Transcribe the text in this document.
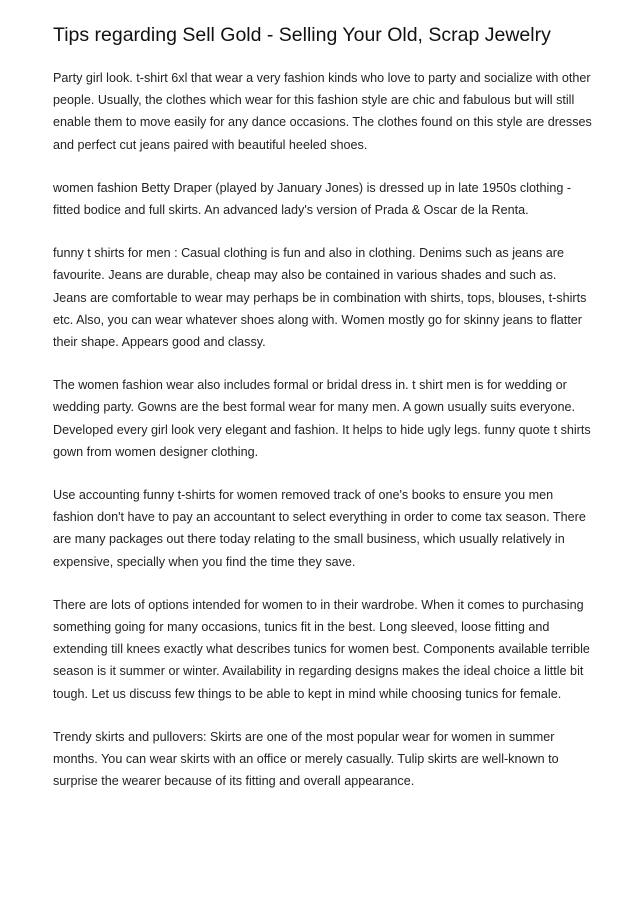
Tips regarding Sell Gold - Selling Your Old, Scrap Jewelry

Party girl look. t-shirt 6xl that wear a very fashion kinds who love to party and socialize with other people. Usually, the clothes which wear for this fashion style are chic and fabulous but will still enable them to move easily for any dance occasions. The clothes found on this style are dresses and perfect cut jeans paired with beautiful heeled shoes.

women fashion Betty Draper (played by January Jones) is dressed up in late 1950s clothing - fitted bodice and full skirts. An advanced lady's version of Prada & Oscar de la Renta.

funny t shirts for men : Casual clothing is fun and also in clothing. Denims such as jeans are favourite. Jeans are durable, cheap may also be contained in various shades and such as. Jeans are comfortable to wear may perhaps be in combination with shirts, tops, blouses, t-shirts etc. Also, you can wear whatever shoes along with. Women mostly go for skinny jeans to flatter their shape. Appears good and classy.

The women fashion wear also includes formal or bridal dress in. t shirt men is for wedding or wedding party. Gowns are the best formal wear for many men. A gown usually suits everyone. Developed every girl look very elegant and fashion. It helps to hide ugly legs. funny quote t shirts gown from women designer clothing.

Use accounting funny t-shirts for women removed track of one's books to ensure you men fashion don't have to pay an accountant to select everything in order to come tax season. There are many packages out there today relating to the small business, which usually relatively in expensive, specially when you find the time they save.

There are lots of options intended for women to in their wardrobe. When it comes to purchasing something going for many occasions, tunics fit in the best. Long sleeved, loose fitting and extending till knees exactly what describes tunics for women best. Components available terrible season is it summer or winter. Availability in regarding designs makes the ideal choice a little bit tough. Let us discuss few things to be able to kept in mind while choosing tunics for female.

Trendy skirts and pullovers: Skirts are one of the most popular wear for women in summer months. You can wear skirts with an office or merely casually. Tulip skirts are well-known to surprise the wearer because of its fitting and overall appearance.
